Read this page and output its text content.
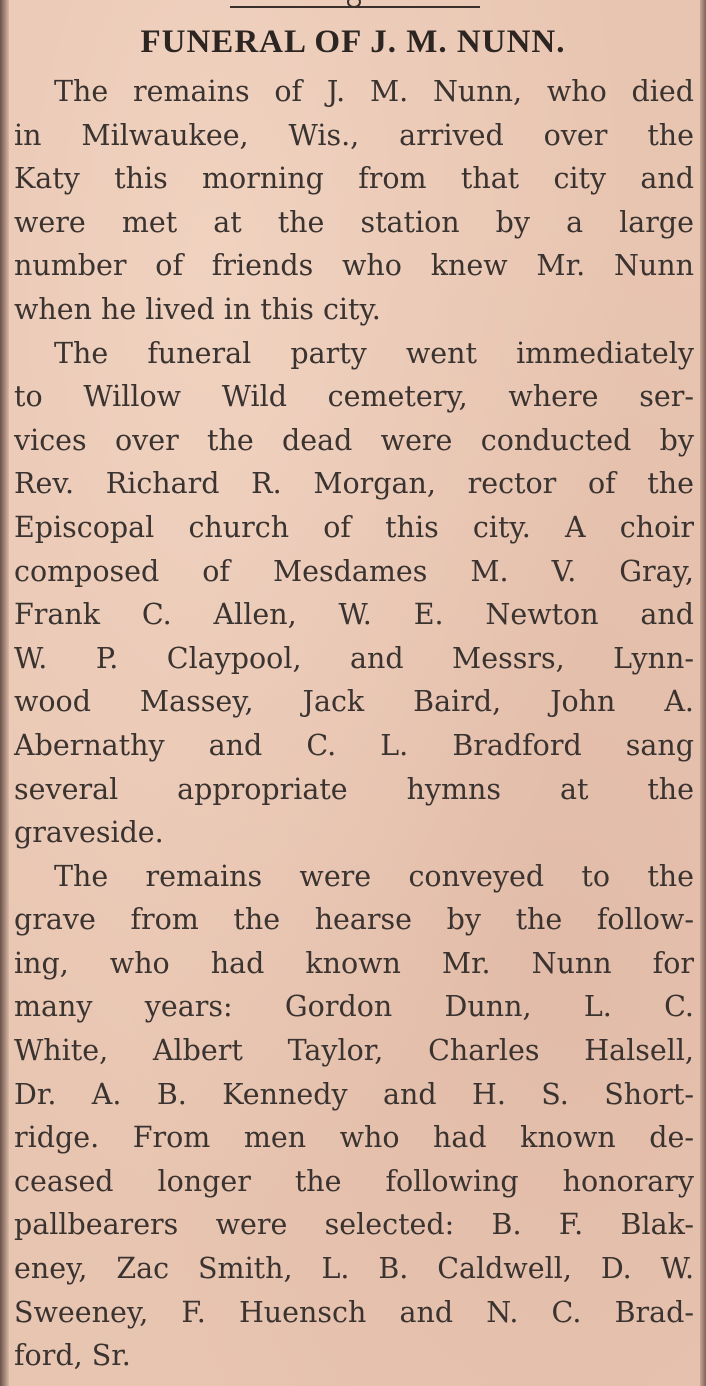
FUNERAL OF J. M. NUNN.
The remains of J. M. Nunn, who died
in Milwaukee, Wis., arrived over the
Katy this morning from that city and
were met at the station by a large
number of friends who knew Mr. Nunn
when he lived in this city.
The funeral party went immediately
to Willow Wild cemetery, where ser-
vices over the dead were conducted by
Rev. Richard R. Morgan, rector of the
Episcopal church of this city. A choir
composed of Mesdames M. V. Gray,
Frank C. Allen, W. E. Newton and
W. P. Claypool, and Messrs, Lynn-
wood Massey, Jack Baird, John A.
Abernathy and C. L. Bradford sang
several appropriate hymns at the
graveside.
The remains were conveyed to the
grave from the hearse by the follow-
ing, who had known Mr. Nunn for
many years: Gordon Dunn, L. C.
White, Albert Taylor, Charles Halsell,
Dr. A. B. Kennedy and H. S. Short-
ridge. From men who had known de-
ceased longer the following honorary
pallbearers were selected: B. F. Blak-
eney, Zac Smith, L. B. Caldwell, D. W.
Sweeney, F. Huensch and N. C. Brad-
ford, Sr.
